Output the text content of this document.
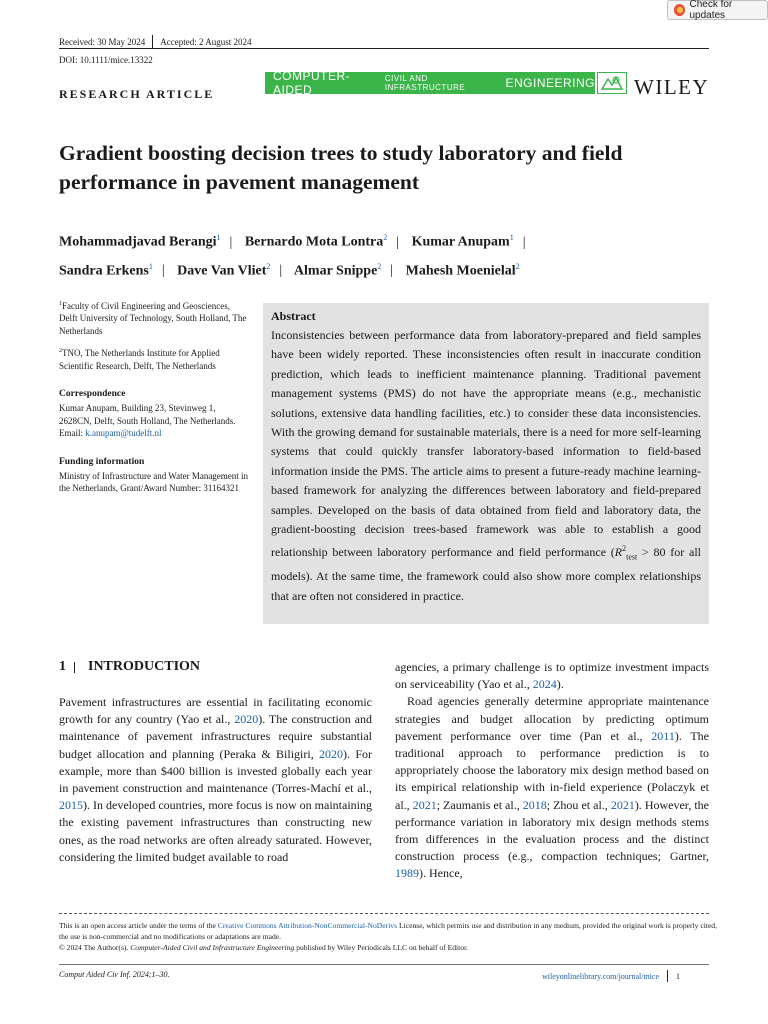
Check for updates
Received: 30 May 2024 Accepted: 2 August 2024
DOI: 10.1111/mice.13322
RESEARCH ARTICLE
COMPUTER-AIDED
CIVIL AND INFRASTRUCTURE	ENGINEERING WILEY
Gradient boosting decision trees to study laboratory and field performance in pavement management
Mohammadjavad Berangi$^1$ | Bernardo Mota Lontra$^2$ | Kumar Anupam$^1$ |
Sandra Erkens$^1$ | Dave Van Vliet$^2$ | Almar Snippe$^2$ | Mahesh Moenielal$^2$
$^1$Faculty of Civil Engineering and Geosciences, Delft University of Technology, South Holland, The Netherlands
$^2$TNO, The Netherlands Institute for Applied Scientific Research, Delft, The Netherlands
Correspondence
Kumar Anupam, Building 23, Stevinweg 1, 2628CN, Delft, South Holland, The Netherlands.
Email: k.anupam@tudelft.nl
Funding information
Ministry of Infrastructure and Water Management in the Netherlands, Grant/Award Number: 31164321
Abstract
Inconsistencies between performance data from laboratory-prepared and field samples have been widely reported. These inconsistencies often result in inaccurate condition prediction, which leads to inefficient maintenance planning. Traditional pavement management systems (PMS) do not have the appropriate means (e.g., mechanistic solutions, extensive data handling facilities, etc.) to consider these data inconsistencies. With the growing demand for sustainable materials, there is a need for more self-learning systems that could quickly transfer laboratory-based information to field-based information inside the PMS. The article aims to present a future-ready machine learning-based framework for analyzing the differences between laboratory and field-prepared samples. Developed on the basis of data obtained from field and laboratory data, the gradient-boosting decision trees-based framework was able to establish a good relationship between laboratory performance and field performance ($R^2_{test} > 80$ for all models). At the same time, the framework could also show more complex relationships that are often not considered in practice.
1 INTRODUCTION

Pavement infrastructures are essential in facilitating economic growth for any country (Yao et al., 2020). The construction and maintenance of pavement infrastructures require substantial budget allocation and planning (Peraka & Biligiri, 2020). For example, more than $400 billion is invested globally each year in pavement construction and maintenance (Torres-Machí et al., 2015). In developed countries, more focus is now on maintaining the existing pavement infrastructures than constructing new ones, as the road networks are often already saturated. However, considering the limited budget available to road

agencies, a primary challenge is to optimize investment impacts on serviceability (Yao et al., 2024).

Road agencies generally determine appropriate maintenance strategies and budget allocation by predicting optimum pavement performance over time (Pan et al., 2011). The traditional approach to performance prediction is to appropriately choose the laboratory mix design method based on its empirical relationship with in-field experience (Polaczyk et al., 2021; Zaumanis et al., 2018; Zhou et al., 2021). However, the performance variation in laboratory mix design methods stems from differences in the evaluation process and the distinct construction process (e.g., compaction techniques; Gartner, 1989). Hence,

This is an open access article under the terms of the Creative Commons Attribution-NonCommercial-NoDerivs License, which permits use and distribution in any medium, provided the original work is properly cited, the use is non-commercial and no modifications or adaptations are made.
© 2024 The Author(s). Computer-Aided Civil and Infrastructure Engineering published by Wiley Periodicals LLC on behalf of Editor.
Comput Aided Civ Inf. 2024;1–30.	wileyonlinelibrary.com/journal/mice 1
